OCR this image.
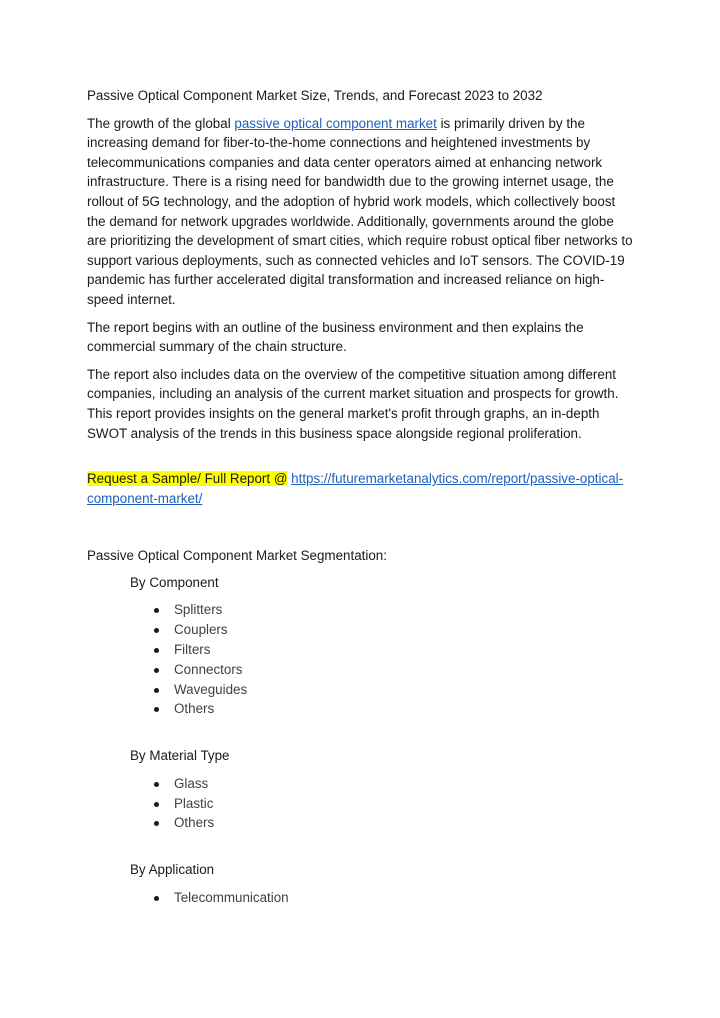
Passive Optical Component Market Size, Trends, and Forecast 2023 to 2032

The growth of the global passive optical component market is primarily driven by the increasing demand for fiber-to-the-home connections and heightened investments by telecommunications companies and data center operators aimed at enhancing network infrastructure. There is a rising need for bandwidth due to the growing internet usage, the rollout of 5G technology, and the adoption of hybrid work models, which collectively boost the demand for network upgrades worldwide. Additionally, governments around the globe are prioritizing the development of smart cities, which require robust optical fiber networks to support various deployments, such as connected vehicles and IoT sensors. The COVID-19 pandemic has further accelerated digital transformation and increased reliance on high-speed internet.

The report begins with an outline of the business environment and then explains the commercial summary of the chain structure.

The report also includes data on the overview of the competitive situation among different companies, including an analysis of the current market situation and prospects for growth. This report provides insights on the general market's profit through graphs, an in-depth SWOT analysis of the trends in this business space alongside regional proliferation.

Request a Sample/ Full Report @ https://futuremarketanalytics.com/report/passive-optical-component-market/

Passive Optical Component Market Segmentation:
By Component
Splitters
Couplers
Filters
Connectors
Waveguides
Others
By Material Type
Glass
Plastic
Others
By Application
Telecommunication
